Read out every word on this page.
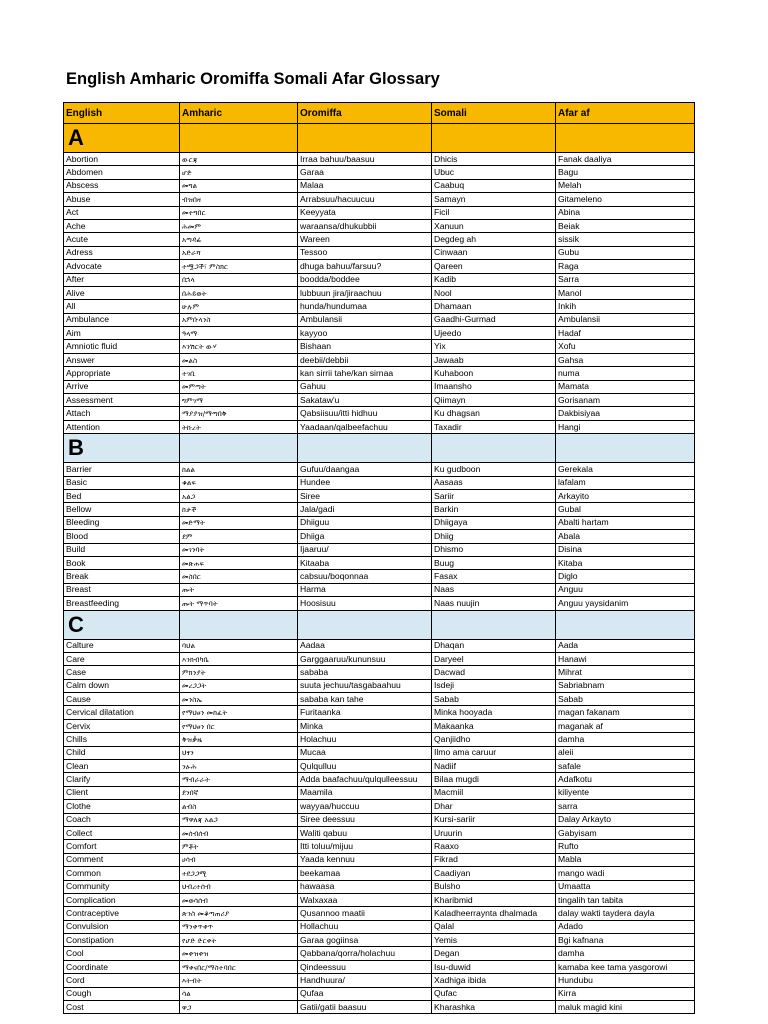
English Amharic Oromiffa Somali Afar Glossary
English	Amharic	Oromiffa	Somali	Afar af
A				
Abortion	ውርጃ	Irraa bahuu/baasuu	Dhicis	Fanak daaliya
Abdomen	ሆድ	Garaa	Ubuc	Bagu
Abscess	መግል	Malaa	Caabuq	Melah
Abuse	ብዝበዛ	Arrabsuu/hacuucuu	Samayn	Gitameleno
Act	መተግበር	Keeyyata	Ficil	Abina
Ache	ሕመም	waraansa/dhukubbii	Xanuun	Beiak
Acute	አጣዳፊ	Wareen	Degdeg ah	sissik
Adress	አድራሻ	Tessoo	Cinwaan	Gubu
Advocate	ተሟጋች፣ ምስክር	dhuga bahuu/farsuu?	Qareen	Raga
After	በኋላ	boodda/boddee	Kadib	Sarra
Alive	በሕይወት	lubbuun jira/jiraachuu	Nool	Manol
All	ሁሉም	hunda/hundumaa	Dhamaan	Inkih
Ambulance	አምቡላንስ	Ambulansii	Gaadhi-Gurmad	Ambulansii
Aim	ዓላማ	kayyoo	Ujeedo	Hadaf
Amniotic fluid	እንሽርት ውሃ	Bishaan	Yix	Xofu
Answer	መልስ	deebii/debbii	Jawaab	Gahsa
Appropriate	ተገቢ	kan sirrii tahe/kan sirnaa	Kuhaboon	numa
Arrive	መምጣት	Gahuu	Imaansho	Mamata
Assessment	ግምገማ	Sakataw'u	Qiimayn	Gorisanam
Attach	ማያያዝ/ማጣበቅ	Qabsiisuu/itti hidhuu	Ku dhagsan	Dakbisiyaa
Attention	ትኩረት	Yaadaan/qalbeefachuu	Taxadir	Hangi
B				
Barrier	ከልል	Gufuu/daangaa	Ku gudboon	Gerekala
Basic	ቁልፍ	Hundee	Aasaas	lafalam
Bed	አልጋ	Siree	Sariir	Arkayito
Bellow	ከታች	Jala/gadi	Barkin	Gubal
Bleeding	መድማት	Dhiiguu	Dhiigaya	Abalti hartam
Blood	ደም	Dhiiga	Dhiig	Abala
Build	መገንባት	Ijaaruu/	Dhismo	Disina
Book	መጽሐፍ	Kitaaba	Buug	Kitaba
Break	መስበር	cabsuu/boqonnaa	Fasax	Diglo
Breast	ጡት	Harma	Naas	Anguu
Breastfeeding	ጡት ማጥባት	Hoosisuu	Naas nuujin	Anguu yaysidanim
C				
Calture	ባህል	Aadaa	Dhaqan	Aada
Care	እንክብካቤ	Garggaaruu/kununsuu	Daryeel	Hanawi
Case	ምክንያት	sababa	Dacwad	Mihrat
Calm down	መረጋጋት	suuta jechuu/tasgabaahuu	Isdeji	Sabriabnam
Cause	መንስኤ	sababa kan tahe	Sabab	Sabab
Cervical dilatation	የማህፀን መከፈት	Furitaanka	Minka hooyada	magan fakanam
Cervix	የማህፀን በር	Minka	Makaanka	maganak af
Chills	ቅዝቃዜ	Holachuu	Qanjiidho	damha
Child	ህፃን	Mucaa	Ilmo ama caruur	aleii
Clean	ንፁሕ	Qulqulluu	Nadiif	safale
Clarify	ማብራራት	Adda baafachuu/qulqulleessuu	Bilaa mugdi	Adafkotu
Client	ደንበኛ	Maamila	Macmiil	kiliyente
Clothe	ልብስ	wayyaa/huccuu	Dhar	sarra
Coach	ማዋለጃ አልጋ	Siree deessuu	Kursi-sariir	Dalay Arkayto
Collect	መሰብሰብ	Waliti qabuu	Uruurin	Gabyisam
Comfort	ምቾት	Itti toluu/mijuu	Raaxo	Rufto
Comment	ሀሳብ	Yaada kennuu	Fikrad	Mabla
Common	ተደጋጋሚ	beekamaa	Caadiyan	mango wadi
Community	ህብረተሰብ	hawaasa	Bulsho	Umaatta
Complication	መወሳሰብ	Walxaxaa	Kharibmid	tingalih tan tabita
Contraceptive	ጽንስ መቆጣጠሪያ	Qusannoo maatii	Kaladheerraynta dhalmada	dalay wakti taydera dayla
Convulsion	ማንቀጥቀጥ	Hollachuu	Qalal	Adado
Constipation	የሆድ ድርቀት	Garaa gogiinsa	Yemis	Bgi kafnana
Cool	መቀዝቀዝ	Qabbana/qorra/holachuu	Degan	damha
Coordinate	ማቀናበር/ማስተባበር	Qindeessuu	Isu-duwid	kamaba kee tama yasgorowi
Cord	እትብት	Handhuura/	Xadhiga ibida	Hundubu
Cough	ሳል	Qufaa	Qufac	Kirra
Cost	ዋጋ	Gatii/gatii baasuu	Kharashka	maluk magid kini
